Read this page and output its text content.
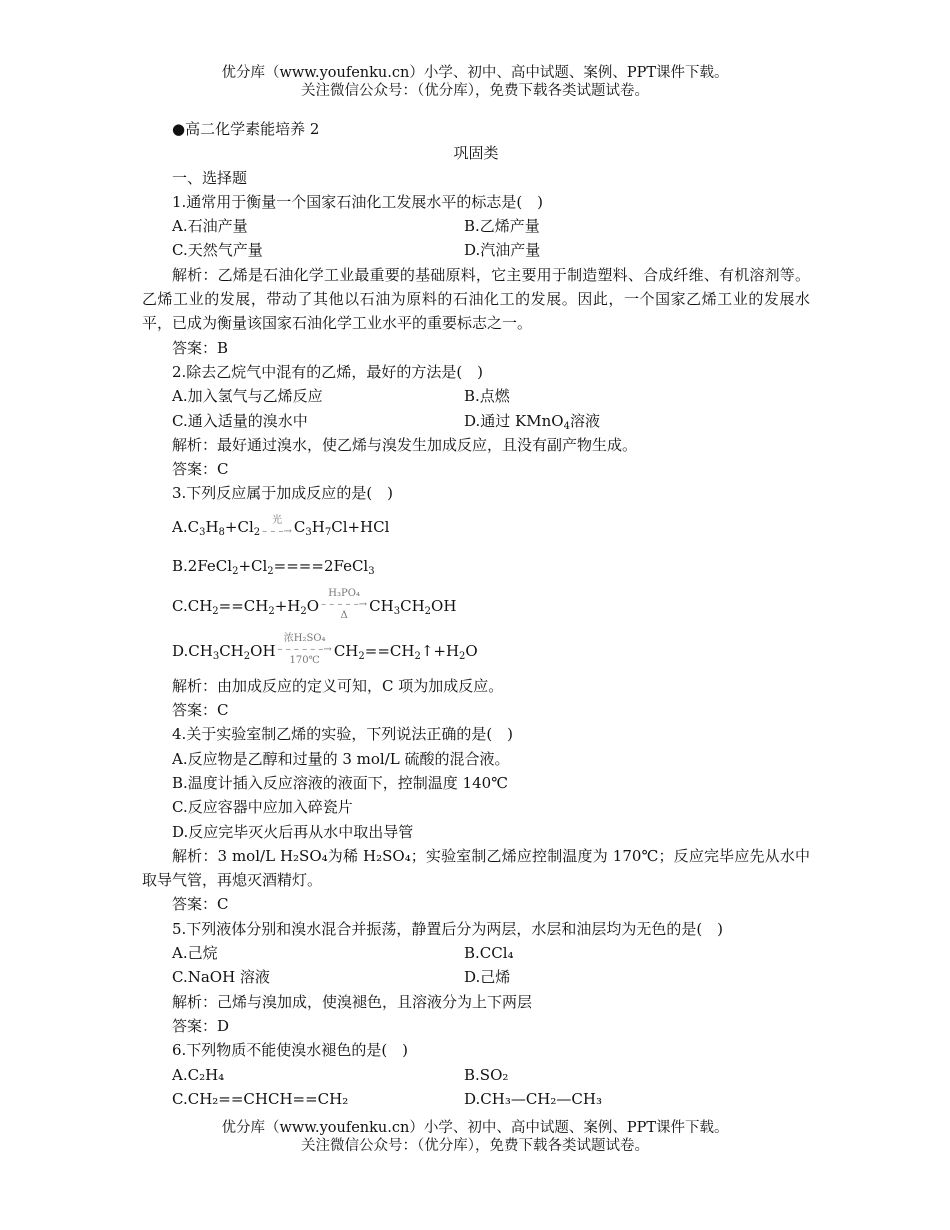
优分库（www.youfenku.cn）小学、初中、高中试题、案例、PPT课件下载。
关注微信公众号：（优分库），免费下载各类试题试卷。
●高二化学素能培养 2
巩固类
一、选择题
1.通常用于衡量一个国家石油化工发展水平的标志是(　)
A.石油产量	B.乙烯产量
C.天然气产量	D.汽油产量
解析：乙烯是石油化学工业最重要的基础原料，它主要用于制造塑料、合成纤维、有机溶剂等。乙烯工业的发展，带动了其他以石油为原料的石油化工的发展。因此，一个国家乙烯工业的发展水平，已成为衡量该国家石油化学工业水平的重要标志之一。
答案：B
2.除去乙烷气中混有的乙烯，最好的方法是(　)
A.加入氢气与乙烯反应	B.点燃
C.通入适量的溴水中	D.通过 KMnO$_4$溶液
解析：最好通过溴水，使乙烯与溴发生加成反应，且没有副产物生成。
答案：C
3.下列反应属于加成反应的是(　)
$A.C_3H_8+Cl_2$
光
– – –→ $C_3H_7Cl+HCl$
$B.2FeCl_2+Cl_2====2FeCl_3$
$C.CH_2==CH_2+H_2O$
H₃PO₄
– – – – –→
Δ
$CH_3CH_2OH$
$D.CH_3CH_2OH$
浓H₂SO₄
– – – – – –→
170℃
$CH_2==CH_2↑+H_2O$
解析：由加成反应的定义可知，C 项为加成反应。
答案：C
4.关于实验室制乙烯的实验，下列说法正确的是(　)
A.反应物是乙醇和过量的 3 mol/L 硫酸的混合液。
B.温度计插入反应溶液的液面下，控制温度 140℃
C.反应容器中应加入碎瓷片
D.反应完毕灭火后再从水中取出导管
解析：3 mol/L H₂SO₄为稀 H₂SO₄；实验室制乙烯应控制温度为 170℃；反应完毕应先从水中取导气管，再熄灭酒精灯。
答案：C
5.下列液体分别和溴水混合并振荡，静置后分为两层，水层和油层均为无色的是(　)
A.己烷	B.CCl₄
C.NaOH 溶液	D.己烯
解析：己烯与溴加成，使溴褪色，且溶液分为上下两层
答案：D
6.下列物质不能使溴水褪色的是(　)
A.C₂H₄	B.SO₂
C.CH₂==CHCH==CH₂	D.CH₃—CH₂—CH₃
优分库（www.youfenku.cn）小学、初中、高中试题、案例、PPT课件下载。
关注微信公众号：（优分库），免费下载各类试题试卷。
